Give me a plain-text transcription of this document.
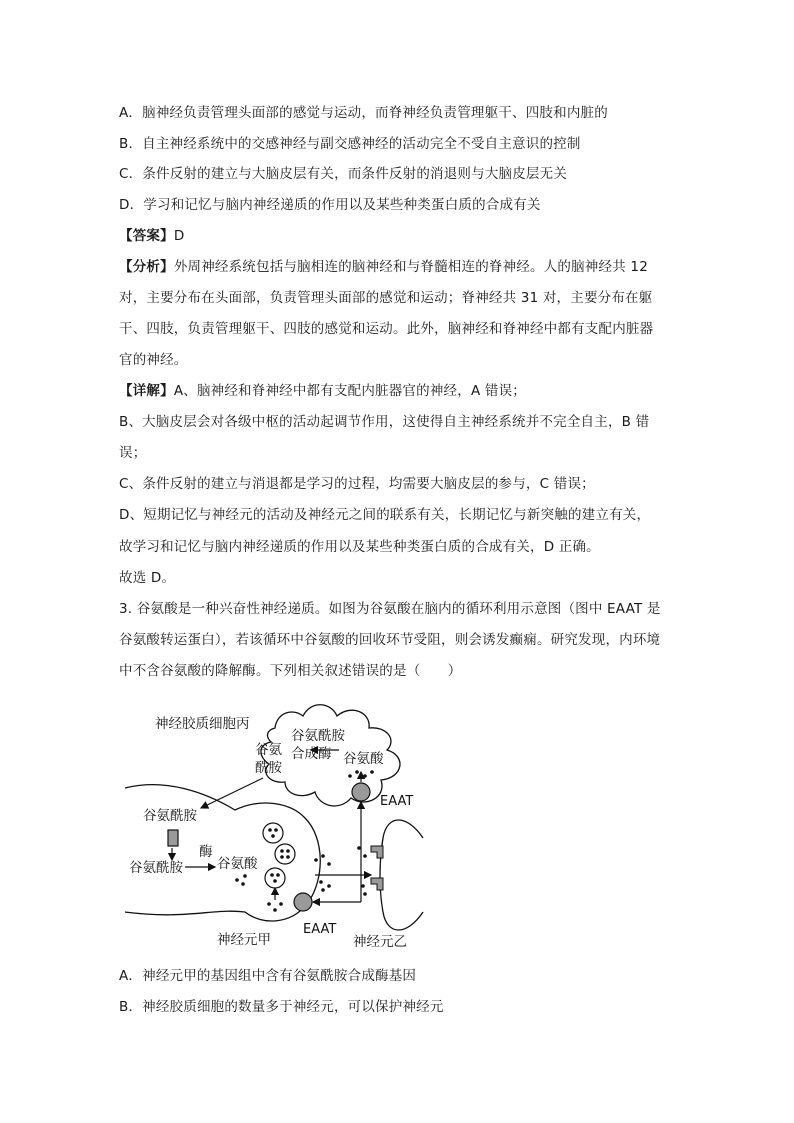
A．脑神经负责管理头面部的感觉与运动，而脊神经负责管理躯干、四肢和内脏的
B．自主神经系统中的交感神经与副交感神经的活动完全不受自主意识的控制
C．条件反射的建立与大脑皮层有关，而条件反射的消退则与大脑皮层无关
D．学习和记忆与脑内神经递质的作用以及某些种类蛋白质的合成有关
【答案】D
【分析】外周神经系统包括与脑相连的脑神经和与脊髓相连的脊神经。人的脑神经共 12
对，主要分布在头面部，负责管理头面部的感觉和运动；脊神经共 31 对，主要分布在躯
干、四肢，负责管理躯干、四肢的感觉和运动。此外，脑神经和脊神经中都有支配内脏器
官的神经。
【详解】A、脑神经和脊神经中都有支配内脏器官的神经，A 错误；
B、大脑皮层会对各级中枢的活动起调节作用，这使得自主神经系统并不完全自主，B 错
误；
C、条件反射的建立与消退都是学习的过程，均需要大脑皮层的参与，C 错误；
D、短期记忆与神经元的活动及神经元之间的联系有关，长期记忆与新突触的建立有关，
故学习和记忆与脑内神经递质的作用以及某些种类蛋白质的合成有关，D 正确。
故选 D。
3. 谷氨酸是一种兴奋性神经递质。如图为谷氨酸在脑内的循环利用示意图（图中 EAAT 是
谷氨酸转运蛋白），若该循环中谷氨酸的回收环节受阻，则会诱发癫痫。研究发现，内环境
中不含谷氨酸的降解酶。下列相关叙述错误的是（　　）
神经胶质细胞丙
谷氨酰胺
合成酶
谷氨
酰胺
谷氨酸
EAAT
谷氨酰胺
酶
谷氨酰胺	谷氨酸
EAAT
神经元甲	神经元乙
A．神经元甲的基因组中含有谷氨酰胺合成酶基因
B．神经胶质细胞的数量多于神经元，可以保护神经元
